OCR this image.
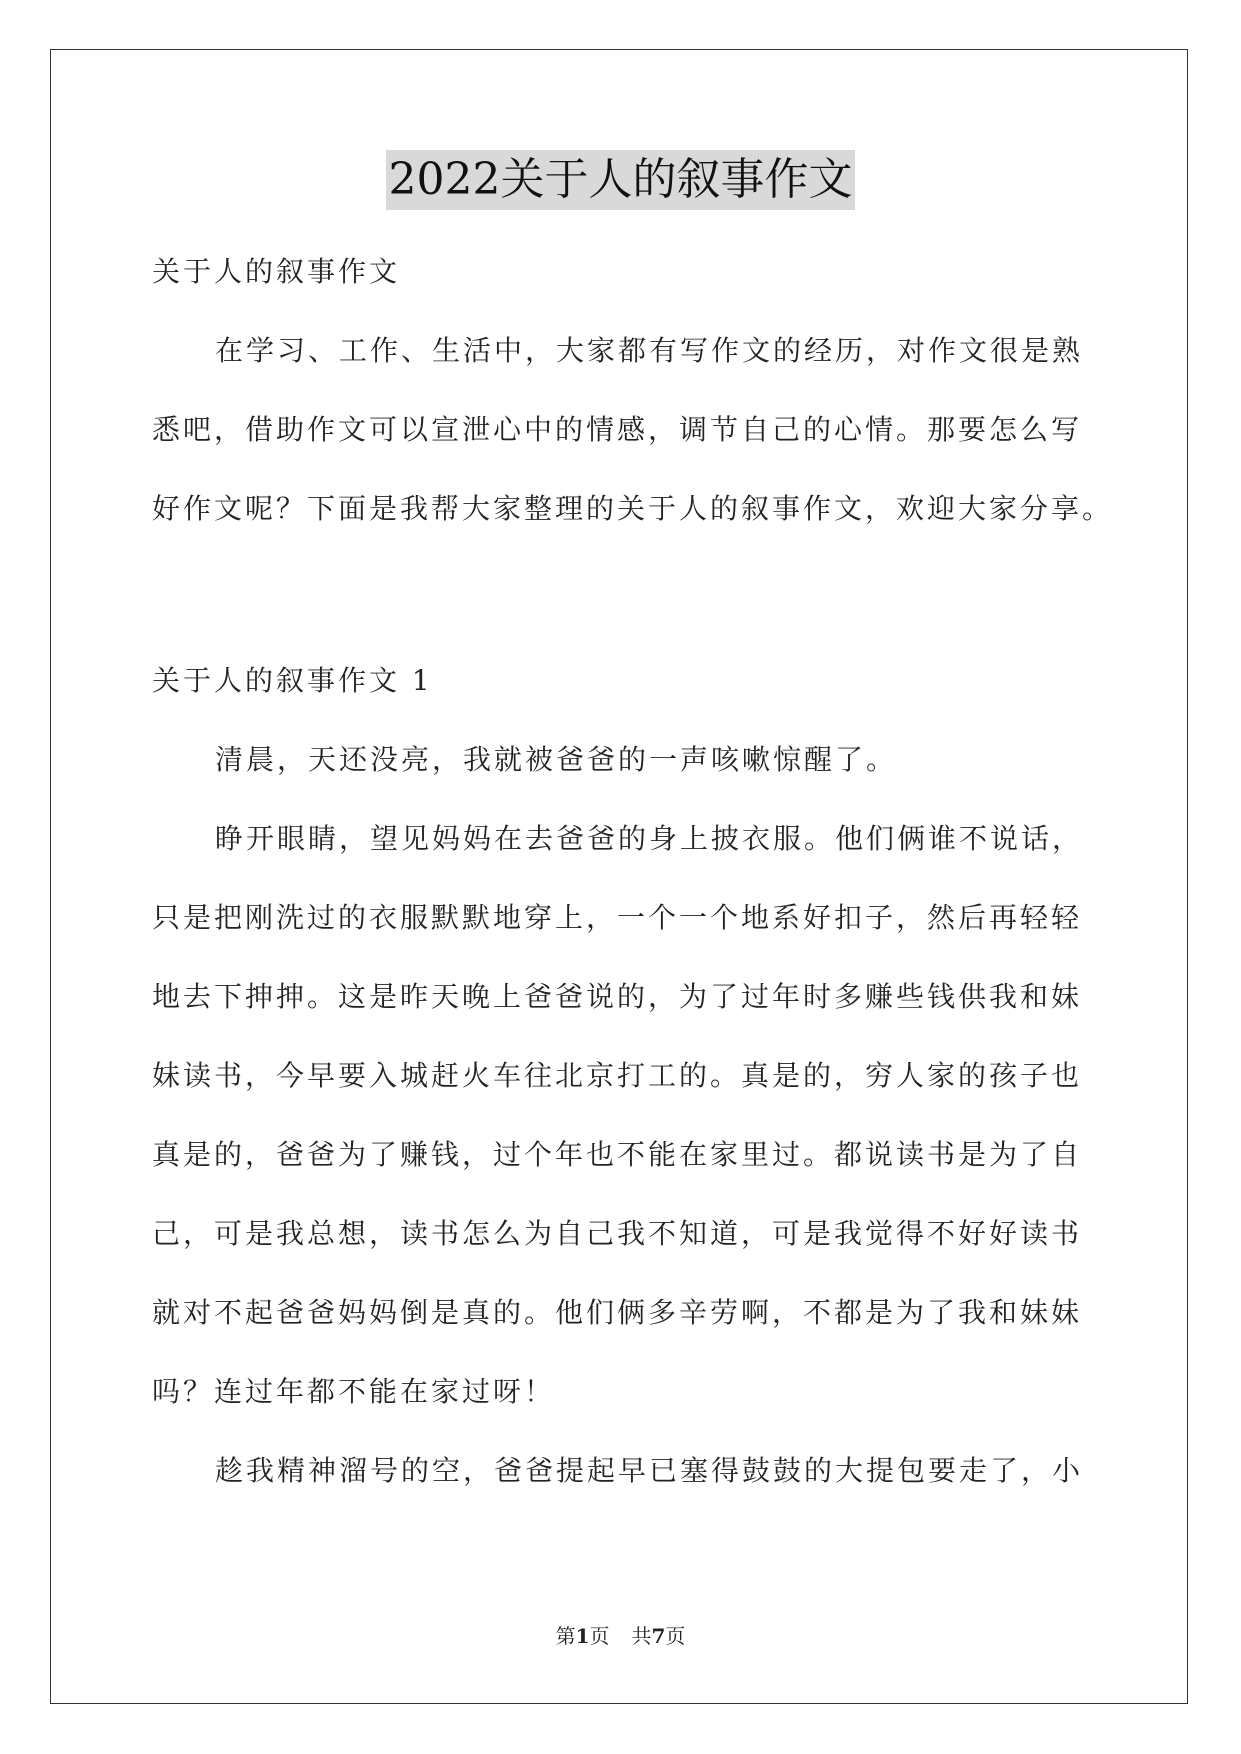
2022关于人的叙事作文
关于人的叙事作文
在学习、工作、生活中，大家都有写作文的经历，对作文很是熟
悉吧，借助作文可以宣泄心中的情感，调节自己的心情。那要怎么写
好作文呢？下面是我帮大家整理的关于人的叙事作文，欢迎大家分享。
关于人的叙事作文 1
清晨，天还没亮，我就被爸爸的一声咳嗽惊醒了。
睁开眼睛，望见妈妈在去爸爸的身上披衣服。他们俩谁不说话，
只是把刚洗过的衣服默默地穿上，一个一个地系好扣子，然后再轻轻
地去下抻抻。这是昨天晚上爸爸说的，为了过年时多赚些钱供我和妹
妹读书，今早要入城赶火车往北京打工的。真是的，穷人家的孩子也
真是的，爸爸为了赚钱，过个年也不能在家里过。都说读书是为了自
己，可是我总想，读书怎么为自己我不知道，可是我觉得不好好读书
就对不起爸爸妈妈倒是真的。他们俩多辛劳啊，不都是为了我和妹妹
吗？连过年都不能在家过呀！
趁我精神溜号的空，爸爸提起早已塞得鼓鼓的大提包要走了，小
第1页 共7页
